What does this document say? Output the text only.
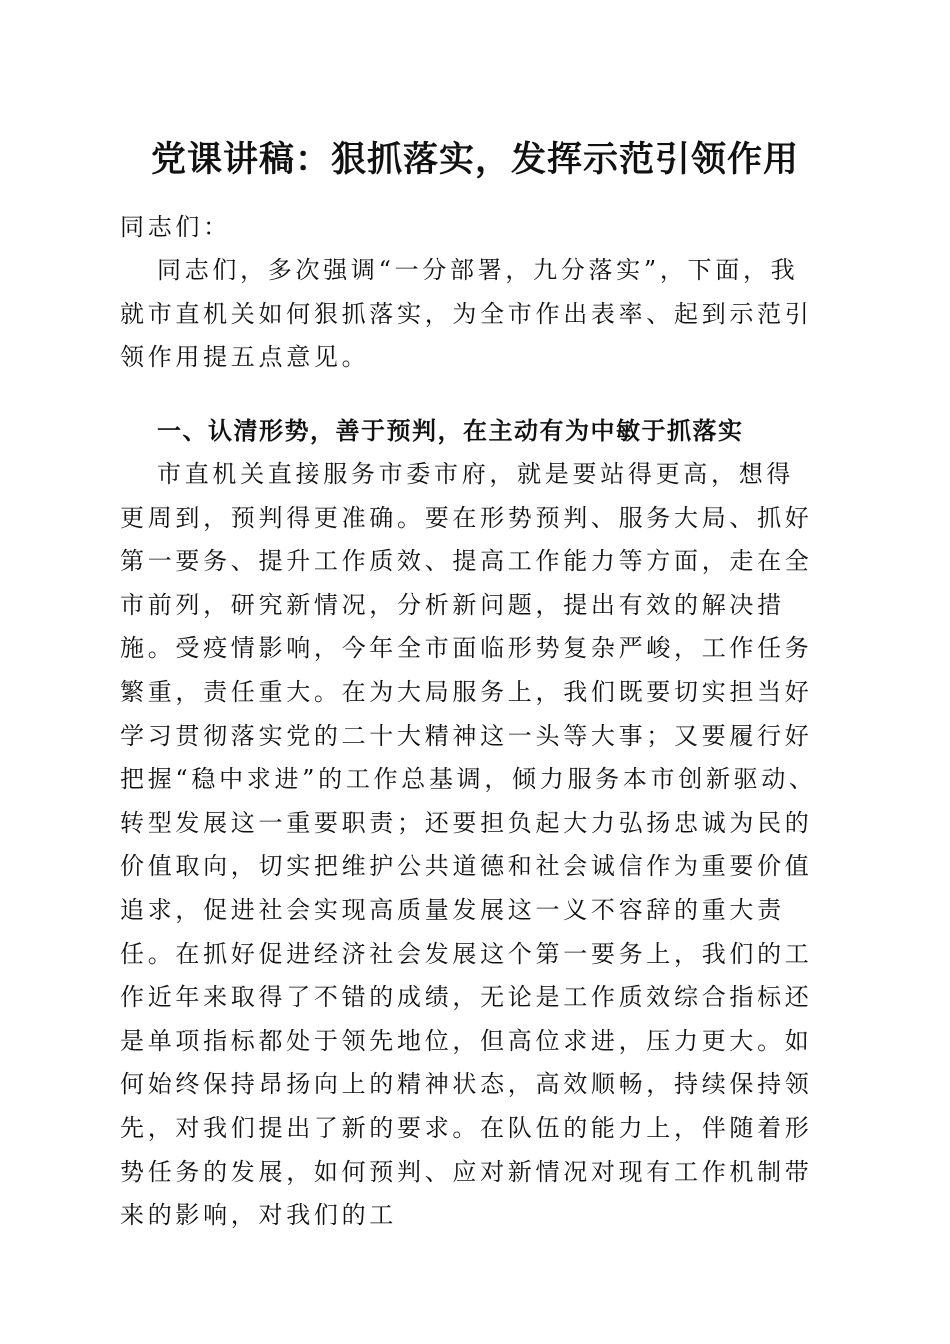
党课讲稿：狠抓落实，发挥示范引领作用

同志们：

同志们，多次强调“一分部署，九分落实”，下面，我就市直机关如何狠抓落实，为全市作出表率、起到示范引领作用提五点意见。

一、认清形势，善于预判，在主动有为中敏于抓落实

市直机关直接服务市委市府，就是要站得更高，想得更周到，预判得更准确。要在形势预判、服务大局、抓好第一要务、提升工作质效、提高工作能力等方面，走在全市前列，研究新情况，分析新问题，提出有效的解决措施。受疫情影响，今年全市面临形势复杂严峻，工作任务繁重，责任重大。在为大局服务上，我们既要切实担当好学习贯彻落实党的二十大精神这一头等大事；又要履行好把握“稳中求进”的工作总基调，倾力服务本市创新驱动、转型发展这一重要职责；还要担负起大力弘扬忠诚为民的价值取向，切实把维护公共道德和社会诚信作为重要价值追求，促进社会实现高质量发展这一义不容辞的重大责任。在抓好促进经济社会发展这个第一要务上，我们的工作近年来取得了不错的成绩，无论是工作质效综合指标还是单项指标都处于领先地位，但高位求进，压力更大。如何始终保持昂扬向上的精神状态，高效顺畅，持续保持领先，对我们提出了新的要求。在队伍的能力上，伴随着形势任务的发展，如何预判、应对新情况对现有工作机制带来的影响，对我们的工
